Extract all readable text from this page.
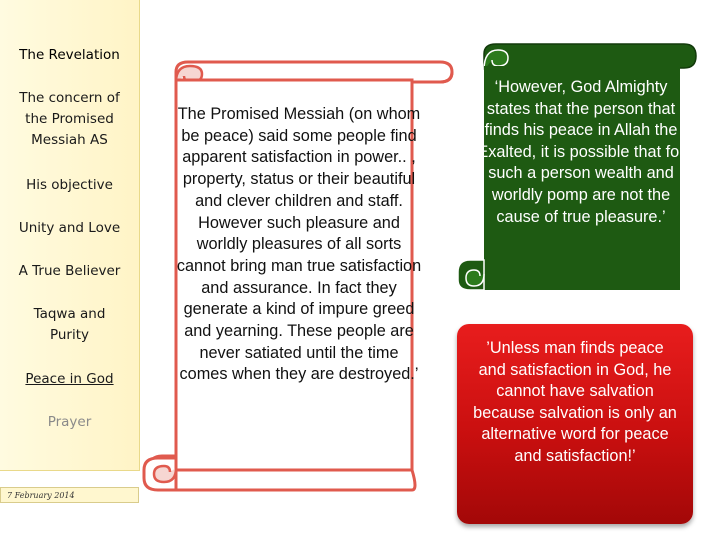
The Revelation
The concern of the Promised Messiah AS
His objective
Unity and Love
A True Believer
Taqwa and Purity
Peace in God
Prayer
7 February 2014
The Promised Messiah (on whom be peace) said some people find apparent satisfaction in power.. , property, status or their beautiful and clever children and staff. However such pleasure and worldly pleasures of all sorts cannot bring man true satisfaction and assurance. In fact they generate a kind of impure greed and yearning. These people are never satiated until the time comes when they are destroyed.’
‘However, God Almighty states that the person that finds his peace in Allah the Exalted, it is possible that for such a person wealth and worldly pomp are not the cause of true pleasure.’
’Unless man finds peace and satisfaction in God, he cannot have salvation because salvation is only an alternative word for peace and satisfaction!’
